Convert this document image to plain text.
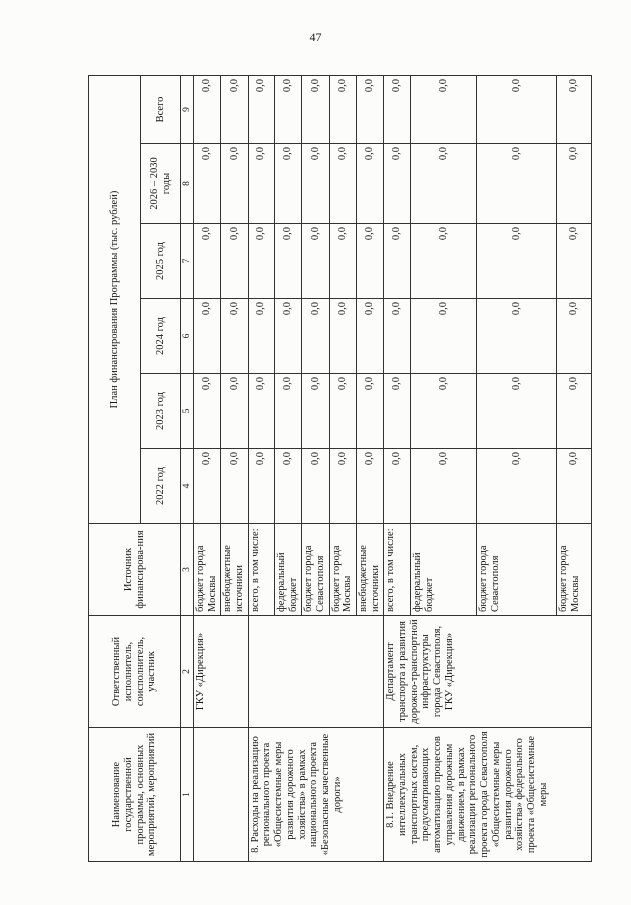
47
Наименование государственной программы, основных мероприятий, мероприятий	Ответственный исполнитель, соисполнитель, участник	Источник финансирова-ния	План финансирования Программы (тыс. рублей)					
			2022 год	2023 год	2024 год	2025 год	2026 – 2030 годы	Всего
1	2	3	4	5	6	7	8	9
	ГКУ «Дирекция»	бюджет города Москвы	0,0	0,0	0,0	0,0	0,0	0,0
		внебюджетные источники	0,0	0,0	0,0	0,0	0,0	0,0
8. Расходы на реализацию регионального проекта «Общесистемные меры развития дорожного хозяйства» в рамках национального проекта «Безопасные качественные дороги»		всего, в том числе:	0,0	0,0	0,0	0,0	0,0	0,0
		федеральный бюджет	0,0	0,0	0,0	0,0	0,0	0,0
		бюджет города Севастополя	0,0	0,0	0,0	0,0	0,0	0,0
		бюджет города Москвы	0,0	0,0	0,0	0,0	0,0	0,0
		внебюджетные источники	0,0	0,0	0,0	0,0	0,0	0,0
8.1. Внедрение интеллектуальных транспортных систем, предусматривающих автоматизацию процессов управления дорожным движением, в рамках реализации регионального проекта города Севастополя «Общесистемные меры развития дорожного хозяйства» федерального проекта «Общесистемные меры	Департамент транспорта и развития дорожно-транспортной инфраструктуры города Севастополя, ГКУ «Дирекция»	всего, в том числе:	0,0	0,0	0,0	0,0	0,0	0,0
		федеральный бюджет	0,0	0,0	0,0	0,0	0,0	0,0
		бюджет города Севастополя	0,0	0,0	0,0	0,0	0,0	0,0
		бюджет города Москвы	0,0	0,0	0,0	0,0	0,0	0,0
